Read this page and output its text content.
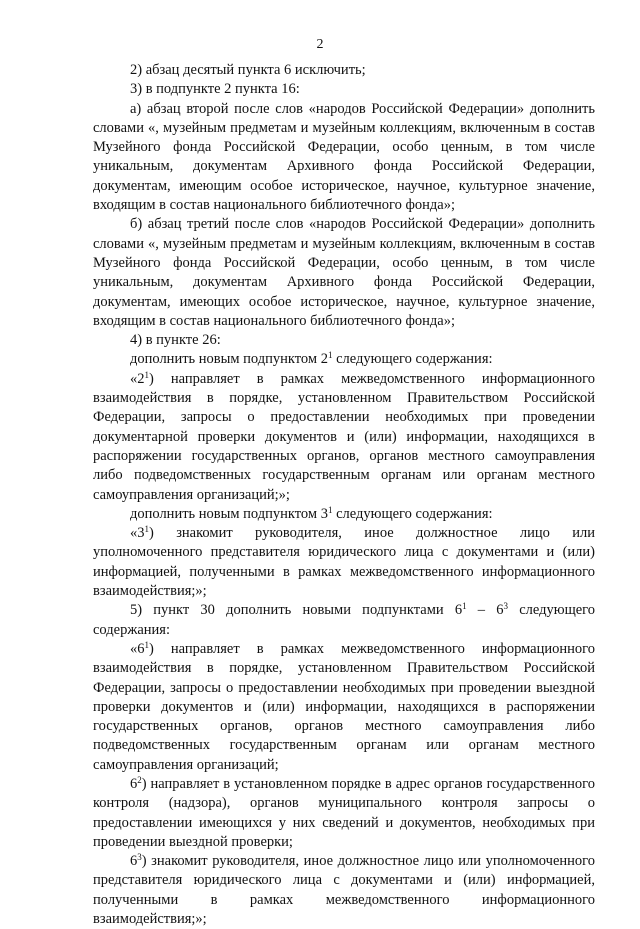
2

2) абзац десятый пункта 6 исключить;

3) в подпункте 2 пункта 16:

а) абзац второй после слов «народов Российской Федерации» дополнить словами «, музейным предметам и музейным коллекциям, включенным в состав Музейного фонда Российской Федерации, особо ценным, в том числе уникальным, документам Архивного фонда Российской Федерации, документам, имеющим особое историческое, научное, культурное значение, входящим в состав национального библиотечного фонда»;

б) абзац третий после слов «народов Российской Федерации» дополнить словами «, музейным предметам и музейным коллекциям, включенным в состав Музейного фонда Российской Федерации, особо ценным, в том числе уникальным, документам Архивного фонда Российской Федерации, документам, имеющих особое историческое, научное, культурное значение, входящим в состав национального библиотечного фонда»;

4) в пункте 26:

дополнить новым подпунктом $2^1$ следующего содержания:

«$2^1$) направляет в рамках межведомственного информационного взаимодействия в порядке, установленном Правительством Российской Федерации, запросы о предоставлении необходимых при проведении документарной проверки документов и (или) информации, находящихся в распоряжении государственных органов, органов местного самоуправления либо подведомственных государственным органам или органам местного самоуправления организаций;»;

дополнить новым подпунктом $3^1$ следующего содержания:

«$3^1$) знакомит руководителя, иное должностное лицо или уполномоченного представителя юридического лица с документами и (или) информацией, полученными в рамках межведомственного информационного взаимодействия;»;

5) пункт 30 дополнить новыми подпунктами $6^1 - 6^3$ следующего содержания:

«$6^1$) направляет в рамках межведомственного информационного взаимодействия в порядке, установленном Правительством Российской Федерации, запросы о предоставлении необходимых при проведении выездной проверки документов и (или) информации, находящихся в распоряжении государственных органов, органов местного самоуправления либо подведомственных государственным органам или органам местного самоуправления организаций;

$6^2$) направляет в установленном порядке в адрес органов государственного контроля (надзора), органов муниципального контроля запросы о предоставлении имеющихся у них сведений и документов, необходимых при проведении выездной проверки;

$6^3$) знакомит руководителя, иное должностное лицо или уполномоченного представителя юридического лица с документами и (или) информацией, полученными в рамках межведомственного информационного взаимодействия;»;
